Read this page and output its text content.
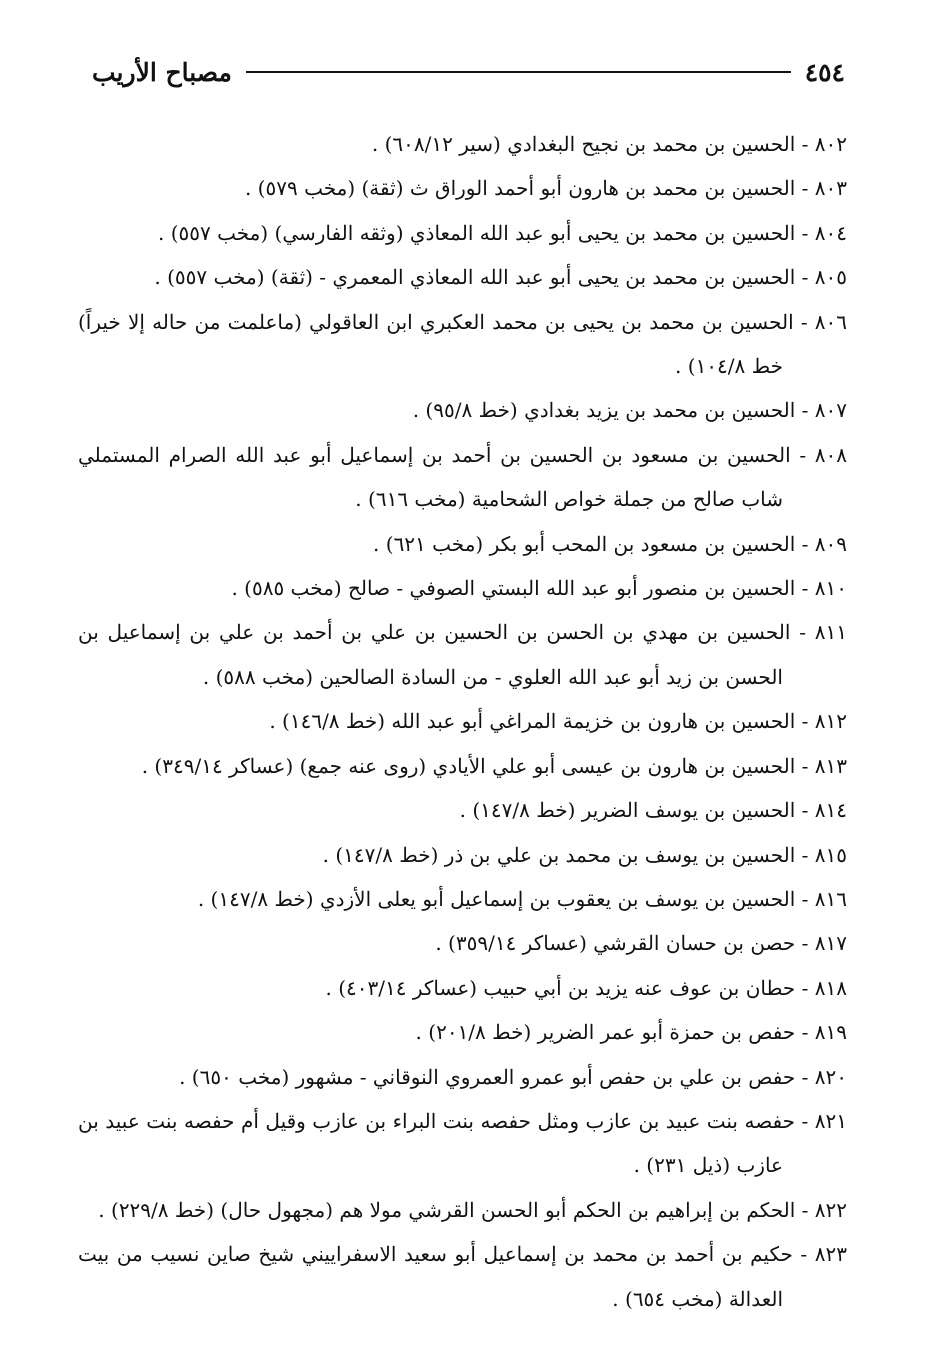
٤٥٤
مصباح الأريب
٨٠٢ - الحسين بن محمد بن نجيح البغدادي (سير ٦٠٨/١٢) .
٨٠٣ - الحسين بن محمد بن هارون أبو أحمد الوراق ث (ثقة) (مخب ٥٧٩) .
٨٠٤ - الحسين بن محمد بن يحيى أبو عبد الله المعاذي (وثقه الفارسي) (مخب ٥٥٧) .
٨٠٥ - الحسين بن محمد بن يحيى أبو عبد الله المعاذي المعمري - (ثقة) (مخب ٥٥٧) .
٨٠٦ - الحسين بن محمد بن يحيى بن محمد العكبري ابن العاقولي (ماعلمت من حاله إلا خيراً) خط ١٠٤/٨) .
٨٠٧ - الحسين بن محمد بن يزيد بغدادي (خط ٩٥/٨) .
٨٠٨ - الحسين بن مسعود بن الحسين بن أحمد بن إسماعيل أبو عبد الله الصرام المستملي شاب صالح من جملة خواص الشحامية (مخب ٦١٦) .
٨٠٩ - الحسين بن مسعود بن المحب أبو بكر (مخب ٦٢١) .
٨١٠ - الحسين بن منصور أبو عبد الله البستي الصوفي - صالح (مخب ٥٨٥) .
٨١١ - الحسين بن مهدي بن الحسن بن الحسين بن علي بن أحمد بن علي بن إسماعيل بن الحسن بن زيد أبو عبد الله العلوي - من السادة الصالحين (مخب ٥٨٨) .
٨١٢ - الحسين بن هارون بن خزيمة المراغي أبو عبد الله (خط ١٤٦/٨) .
٨١٣ - الحسين بن هارون بن عيسى أبو علي الأيادي (روى عنه جمع) (عساكر ٣٤٩/١٤) .
٨١٤ - الحسين بن يوسف الضرير (خط ١٤٧/٨) .
٨١٥ - الحسين بن يوسف بن محمد بن علي بن ذر (خط ١٤٧/٨) .
٨١٦ - الحسين بن يوسف بن يعقوب بن إسماعيل أبو يعلى الأزدي (خط ١٤٧/٨) .
٨١٧ - حصن بن حسان القرشي (عساكر ٣٥٩/١٤) .
٨١٨ - حطان بن عوف عنه يزيد بن أبي حبيب (عساكر ٤٠٣/١٤) .
٨١٩ - حفص بن حمزة أبو عمر الضرير (خط ٢٠١/٨) .
٨٢٠ - حفص بن علي بن حفص أبو عمرو العمروي النوقاني - مشهور (مخب ٦٥٠) .
٨٢١ - حفصه بنت عبيد بن عازب ومثل حفصه بنت البراء بن عازب وقيل أم حفصه بنت عبيد بن عازب (ذيل ٢٣١) .
٨٢٢ - الحكم بن إبراهيم بن الحكم أبو الحسن القرشي مولا هم (مجهول حال) (خط ٢٢٩/٨) .
٨٢٣ - حكيم بن أحمد بن محمد بن إسماعيل أبو سعيد الاسفراييني شيخ صاين نسيب من بيت العدالة (مخب ٦٥٤) .
